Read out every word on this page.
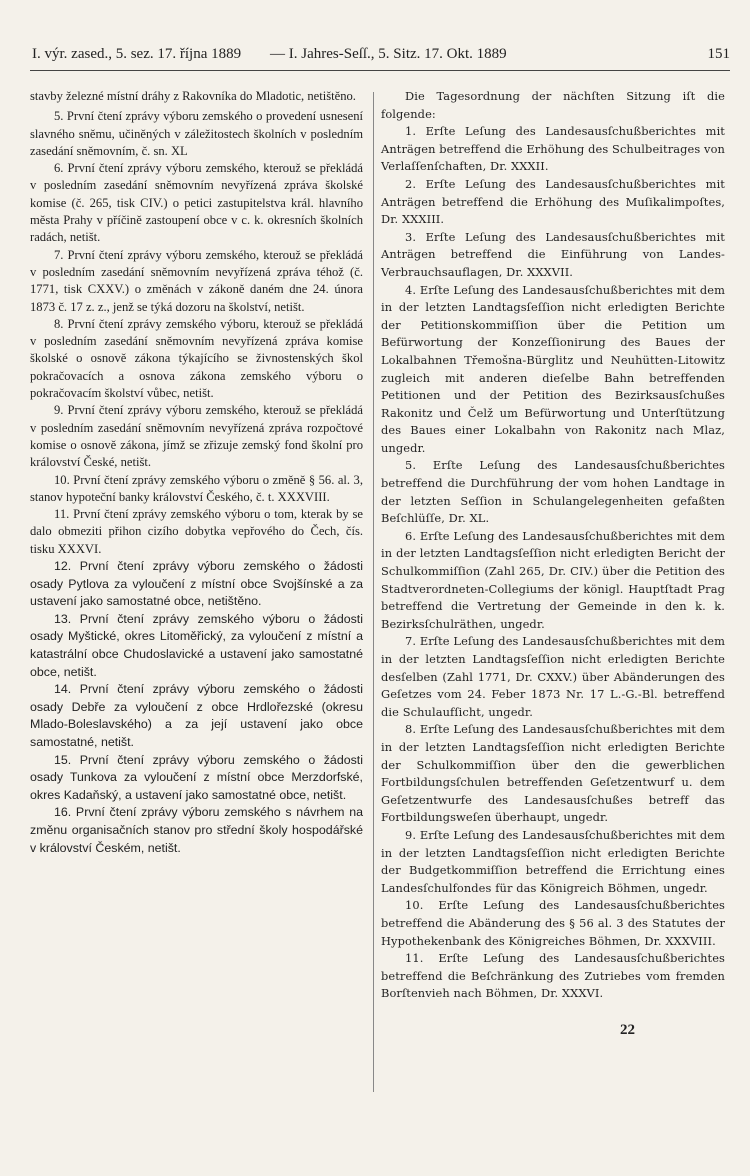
I. výr. zased., 5. sez. 17. října 1889 — I. Jahres-Seſſ., 5. Sitz. 17. Okt. 1889	151

stavby železné místní dráhy z Rakovníka do Mladotic, netištěno.

5. První čtení zprávy výboru zemského o provedení usnesení slavného sněmu, učiněných v záležitostech školních v posledním zasedání sněmovním, č. sn. XL

6. První čtení zprávy výboru zemského, kterouž se překládá v posledním zasedání sněmovním nevyřízená zpráva školské komise (č. 265, tisk CIV.) o petici zastupitelstva král. hlavního města Prahy v příčině zastoupení obce v c. k. okresních školních radách, netišt.

7. První čtení zprávy výboru zemského, kterouž se překládá v posledním zasedání sněmovním nevyřízená zpráva téhož (č. 1771, tisk CXXV.) o změnách v zákoně daném dne 24. února 1873 č. 17 z. z., jenž se týká dozoru na školství, netišt.

8. První čtení zprávy zemského výboru, kterouž se překládá v posledním zasedání sněmovním nevyřízená zpráva komise školské o osnově zákona týkajícího se živnostenských škol pokračovacích a osnova zákona zemského výboru o pokračovacím školství vůbec, netišt.

9. První čtení zprávy výboru zemského, kterouž se překládá v posledním zasedání sněmovním nevyřízená zpráva rozpočtové komise o osnově zákona, jímž se zřizuje zemský fond školní pro království České, netišt.

10. První čtení zprávy zemského výboru o změně § 56. al. 3, stanov hypoteční banky království Českého, č. t. XXXVIII.

11. První čtení zprávy zemského výboru o tom, kterak by se dalo obmeziti přihon cizího dobytka vepřového do Čech, čís. tisku XXXVI.

12. První čtení zprávy výboru zemského o žádosti osady Pytlova za vyloučení z místní obce Svojšínské a za ustavení jako samostatné obce, netištěno.

13. První čtení zprávy zemského výboru o žádosti osady Myštické, okres Litoměřický, za vyloučení z místní a katastrální obce Chudoslavické a ustavení jako samostatné obce, netišt.

14. První čtení zprávy výboru zemského o žádosti osady Debře za vyloučení z obce Hrdlořezské (okresu Mlado-Boleslavského) a za její ustavení jako obce samostatné, netišt.

15. První čtení zprávy výboru zemského o žádosti osady Tunkova za vyloučení z místní obce Merzdorfské, okres Kadaňský, a ustavení jako samostatné obce, netišt.

16. První čtení zprávy výboru zemského s návrhem na změnu organisačních stanov pro střední školy hospodářské v království Českém, netišt.

Die Tagesordnung der nächſten Sitzung iſt die folgende:

1. Erſte Leſung des Landesausſchußberichtes mit Anträgen betreffend die Erhöhung des Schulbeitrages von Verlaſſenſchaften, Dr. XXXII.

2. Erſte Leſung des Landesausſchußberichtes mit Anträgen betreffend die Erhöhung des Muſikalimpoſtes, Dr. XXXIII.

3. Erſte Leſung des Landesausſchußberichtes mit Anträgen betreffend die Einführung von Landes-Verbrauchsauflagen, Dr. XXXVII.

4. Erſte Leſung des Landesausſchußberichtes mit dem in der letzten Landtagsſeſſion nicht erledigten Berichte der Petitionskommiſſion über die Petition um Befürwortung der Konzeſſionirung des Baues der Lokalbahnen Třemošna-Bürglitz und Neuhütten-Litowitz zugleich mit anderen dieſelbe Bahn betreffenden Petitionen und der Petition des Bezirksausſchußes Rakonitz und Čelž um Befürwortung und Unterſtützung des Baues einer Lokalbahn von Rakonitz nach Mlaz, ungedr.

5. Erſte Leſung des Landesausſchußberichtes betreffend die Durchführung der vom hohen Landtage in der letzten Seſſion in Schulangelegenheiten gefaßten Beſchlüſſe, Dr. XL.

6. Erſte Leſung des Landesausſchußberichtes mit dem in der letzten Landtagsſeſſion nicht erledigten Bericht der Schulkommiſſion (Zahl 265, Dr. CIV.) über die Petition des Stadtverordneten-Collegiums der königl. Hauptſtadt Prag betreffend die Vertretung der Gemeinde in den k. k. Bezirksſchulräthen, ungedr.

7. Erſte Leſung des Landesausſchußberichtes mit dem in der letzten Landtagsſeſſion nicht erledigten Berichte desſelben (Zahl 1771, Dr. CXXV.) über Abänderungen des Geſetzes vom 24. Feber 1873 Nr. 17 L.-G.-Bl. betreffend die Schulaufſicht, ungedr.

8. Erſte Leſung des Landesausſchußberichtes mit dem in der letzten Landtagsſeſſion nicht erledigten Berichte der Schulkommiſſion über den die gewerblichen Fortbildungsſchulen betreffenden Geſetzentwurf u. dem Geſetzentwurfe des Landesausſchußes betreff das Fortbildungsweſen überhaupt, ungedr.

9. Erſte Leſung des Landesausſchußberichtes mit dem in der letzten Landtagsſeſſion nicht erledigten Berichte der Budgetkommiſſion betreffend die Errichtung eines Landesſchulfondes für das Königreich Böhmen, ungedr.

10. Erſte Leſung des Landesausſchußberichtes betreffend die Abänderung des § 56 al. 3 des Statutes der Hypothekenbank des Königreiches Böhmen, Dr. XXXVIII.

11. Erſte Leſung des Landesausſchußberichtes betreffend die Beſchränkung des Zutriebes vom fremden Borſtenvieh nach Böhmen, Dr. XXXVI.

22
